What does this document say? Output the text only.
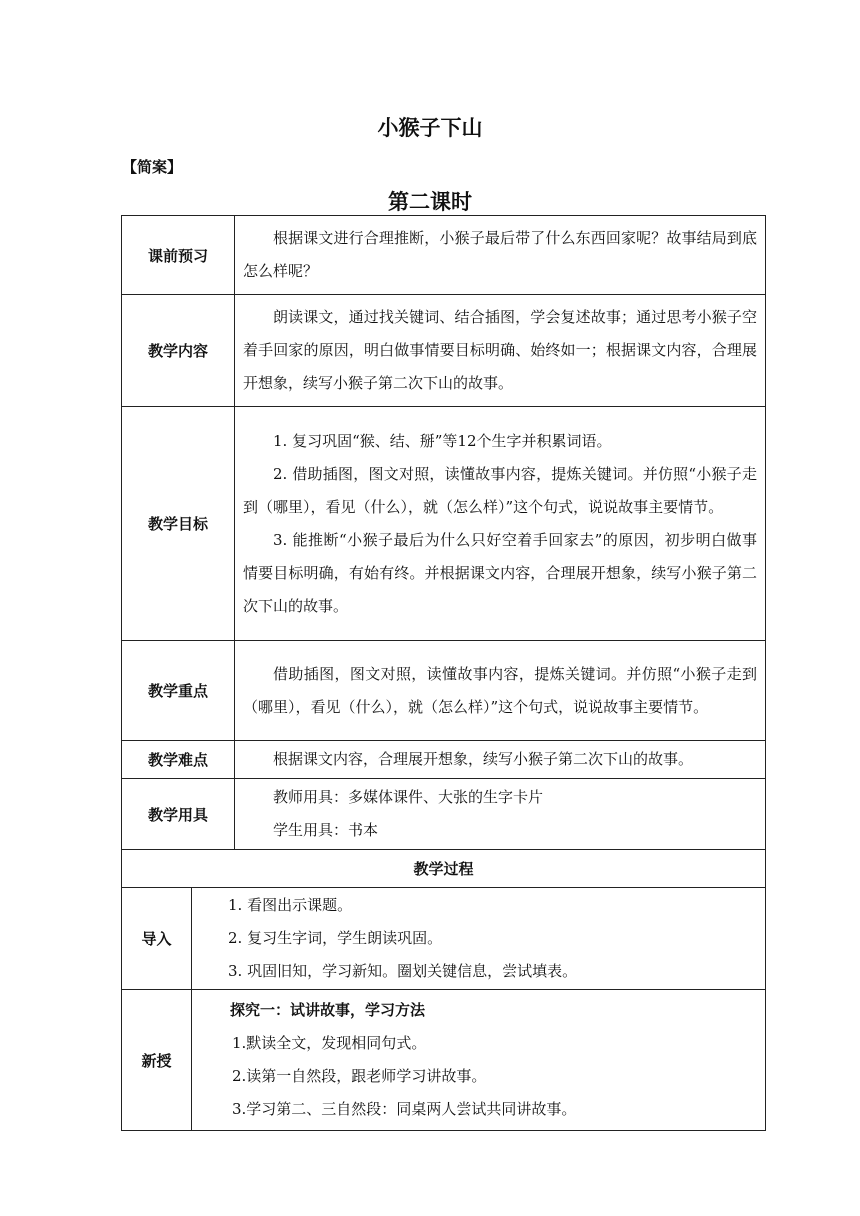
小猴子下山
【简案】
第二课时
课前预习		根据课文进行合理推断，小猴子最后带了什么东西回家呢？故事结局到底怎么样呢？

教学内容		朗读课文，通过找关键词、结合插图，学会复述故事；通过思考小猴子空着手回家的原因，明白做事情要目标明确、始终如一；根据课文内容，合理展开想象，续写小猴子第二次下山的故事。

教学目标		1. 复习巩固“猴、结、掰”等12个生字并积累词语。

2. 借助插图，图文对照，读懂故事内容，提炼关键词。并仿照“小猴子走到（哪里），看见（什么），就（怎么样）”这个句式，说说故事主要情节。

3. 能推断“小猴子最后为什么只好空着手回家去”的原因，初步明白做事情要目标明确，有始有终。并根据课文内容，合理展开想象，续写小猴子第二次下山的故事。

教学重点		借助插图，图文对照，读懂故事内容，提炼关键词。并仿照“小猴子走到（哪里），看见（什么），就（怎么样）”这个句式，说说故事主要情节。

教学难点		根据课文内容，合理展开想象，续写小猴子第二次下山的故事。

教学用具		教师用具：多媒体课件、大张的生字卡片

学生用具：书本

教学过程		
导入	1. 看图出示课题。

2. 复习生字词，学生朗读巩固。

3. 巩固旧知，学习新知。圈划关键信息，尝试填表。	

新授	探究一：试讲故事，学习方法

1.默读全文，发现相同句式。

2.读第一自然段，跟老师学习讲故事。

3.学习第二、三自然段：同桌两人尝试共同讲故事。	
